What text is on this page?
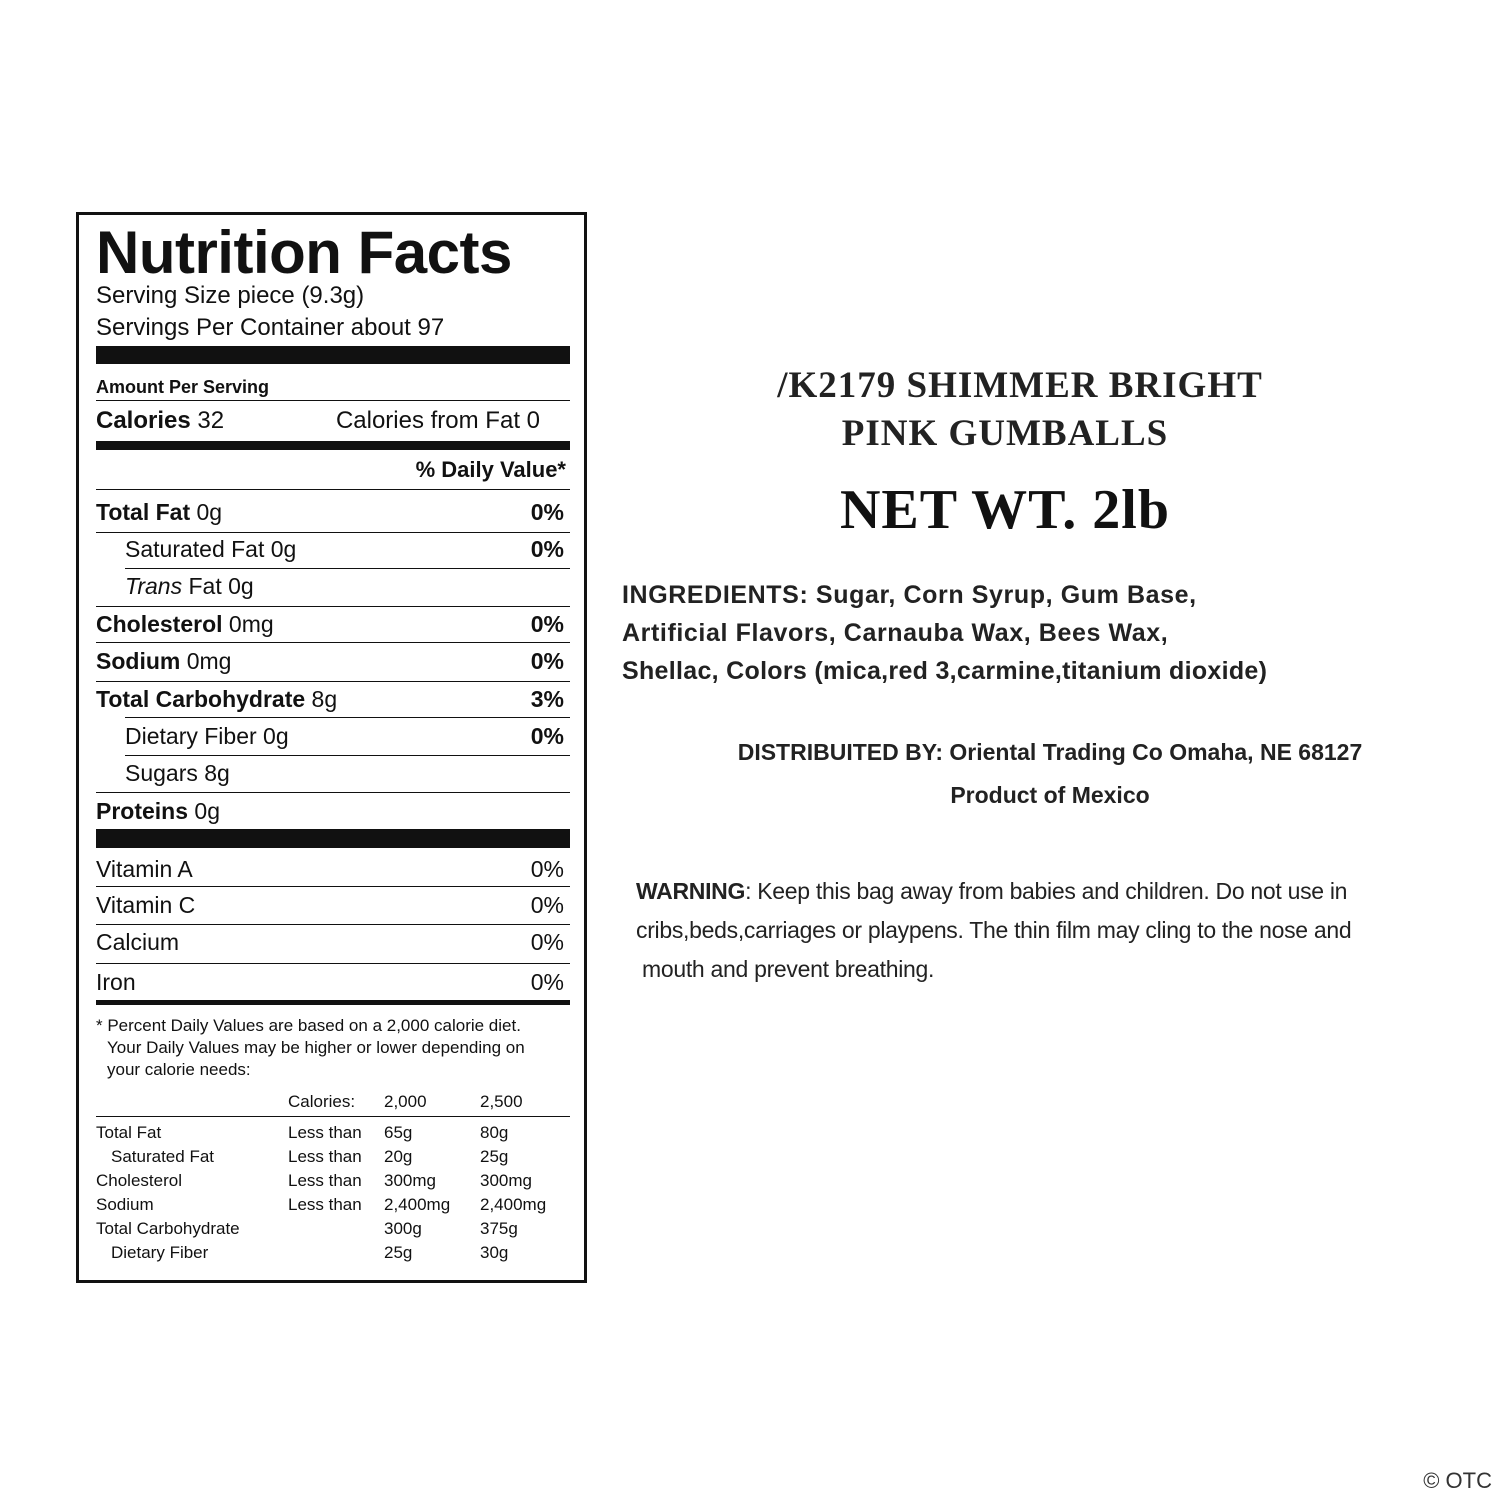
Nutrition Facts
Serving Size piece (9.3g)
Servings Per Container about 97
Amount Per Serving
Calories 32	Calories from Fat 0
% Daily Value*
Total Fat 0g	0%
Saturated Fat 0g	0%
Trans Fat 0g
Cholesterol 0mg	0%
Sodium 0mg	0%
Total Carbohydrate 8g	3%
Dietary Fiber 0g	0%
Sugars 8g
Proteins 0g
Vitamin A	0%
Vitamin C	0%
Calcium	0%
Iron	0%
* Percent Daily Values are based on a 2,000 calorie diet.
Your Daily Values may be higher or lower depending on
your calorie needs:
Calories: 2,000	2,500
Total Fat	Less than 65g	80g
Saturated Fat	Less than 20g	25g
Cholesterol	Less than 300mg	300mg
Sodium	Less than 2,400mg 2,400mg
Total Carbohydrate	300g	375g
Dietary Fiber	25g	30g
/K2179 SHIMMER BRIGHT
PINK GUMBALLS
NET WT. 2lb
INGREDIENTS: Sugar, Corn Syrup, Gum Base,
Artificial Flavors, Carnauba Wax, Bees Wax,
Shellac, Colors (mica,red 3,carmine,titanium dioxide)
DISTRIBUITED BY: Oriental Trading Co Omaha, NE 68127
Product of Mexico
WARNING: Keep this bag away from babies and children. Do not use in
cribs,beds,carriages or playpens. The thin film may cling to the nose and
mouth and prevent breathing.
© OTC
